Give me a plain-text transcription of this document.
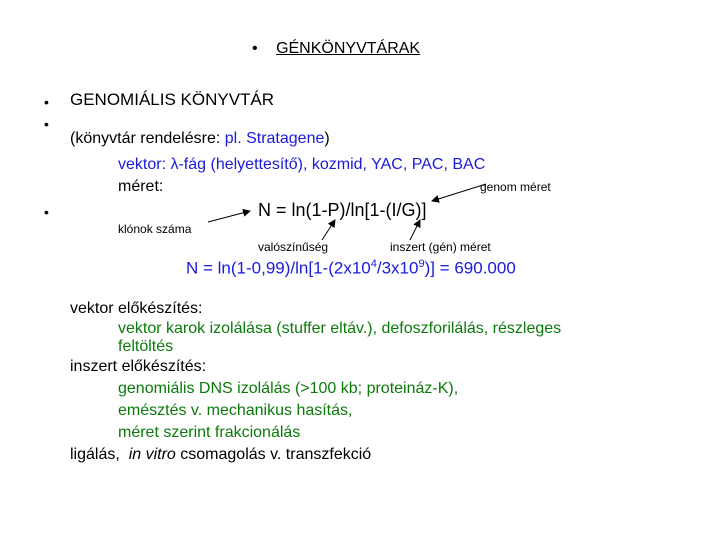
• GÉNKÖNYVTÁRAK
• GENOMIÁLIS KÖNYVTÁR
•
(könyvtár rendelésre: pl. Stratagene)
vektor: λ-fág (helyettesítő), kozmid, YAC, PAC, BAC
méret:	genom méret
•	N = ln(1-P)/ln[1-(I/G)]
klónok száma
valószínűség	inszert (gén) méret
$N = \ln(1-0,99)/\ln[1-(2x10^4/3x10^9)] = 690.000$
vektor előkészítés:
vektor karok izolálása (stuffer eltáv.), defoszforilálás, részleges
feltöltés
inszert előkészítés:
genomiális DNS izolálás (>100 kb; proteináz-K),
emésztés v. mechanikus hasítás,
méret szerint frakcionálás
ligálás,  in vitro csomagolás v. transzfekció
